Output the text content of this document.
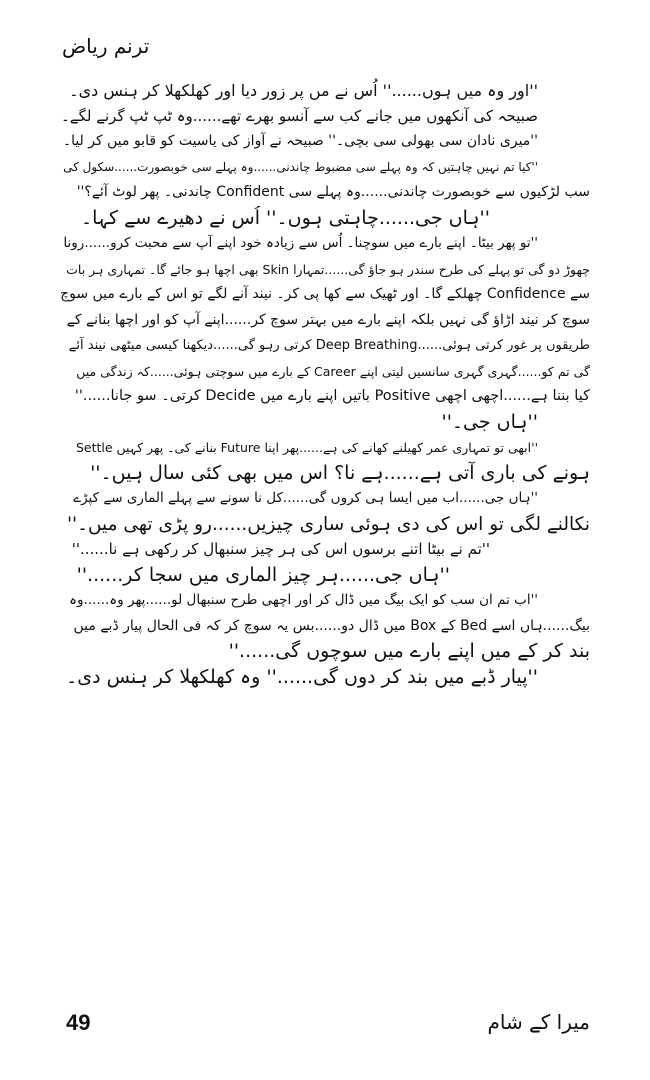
ترنم ریاض
''اور وہ میں ہوں......'' اُس نے مں پر زور دیا اور کھلکھلا کر ہنس دی۔
صبیحہ کی آنکھوں میں جانے کب سے آنسو بھرے تھے......وہ ٹپ ٹپ گرنے لگے۔
''میری نادان سی بھولی سی بچی۔'' صبیحہ نے آواز کی یاسیت کو قابو میں کر لیا۔
''کیا تم نہیں چاہتیں کہ وہ پہلے سی مضبوط چاندنی......وہ پہلے سی خوبصورت......سکول کی
سب لڑکیوں سے خوبصورت چاندنی......وہ پہلے سی Confident چاندنی۔ پھر لوٹ آئے؟''
''ہاں جی......چاہتی ہوں۔'' اُس نے دھیرے سے کہا۔
''تو پھر بیٹا۔ اپنے بارے میں سوچنا۔ اُس سے زیادہ خود اپنے آپ سے محبت کرو......رونا
چھوڑ دو گی تو پہلے کی طرح سندر ہو جاؤ گی......تمہارا Skin بھی اچھا ہو جائے گا۔ تمہاری ہر بات
سے Confidence چھلکے گا۔ اور ٹھیک سے کھا پی کر۔ نیند آنے لگے تو اس کے بارے میں سوچ
سوچ کر نیند اڑاؤ گی نہیں بلکہ اپنے بارے میں بہتر سوچ کر......اپنے آپ کو اور اچھا بنانے کے
طریقوں پر غور کرتی ہوئی......Deep Breathing کرتی رہو گی......دیکھنا کیسی میٹھی نیند آئے
گی تم کو......گہری گہری سانسیں لیتی اپنے Career کے بارے میں سوچتی ہوئی......کہ زندگی میں
کیا بننا ہے......اچھی اچھی Positive باتیں اپنے بارے میں Decide کرتی۔ سو جانا......''
''ہاں جی۔''
''ابھی تو تمہاری عمر کھیلنے کھانے کی ہے......پھر اپنا Future بنانے کی۔ پھر کہیں Settle
ہونے کی باری آتی ہے......ہے نا؟ اس میں بھی کئی سال ہیں۔''
''ہاں جی......اب میں ایسا ہی کروں گی......کل نا سونے سے پہلے الماری سے کپڑے
نکالنے لگی تو اس کی دی ہوئی ساری چیزیں......رو پڑی تھی میں۔''
''تم نے بیٹا اتنے برسوں اس کی ہر چیز سنبھال کر رکھی ہے نا......''
''ہاں جی......ہر چیز الماری میں سجا کر......''
''اب تم ان سب کو ایک بیگ میں ڈال کر اور اچھی طرح سنبھال لو......پھر وہ......وہ
بیگ......ہاں اسے Bed کے Box میں ڈال دو......بس یہ سوچ کر کہ فی الحال پیار ڈبے میں
بند کر کے میں اپنے بارے میں سوچوں گی......''
''پیار ڈبے میں بند کر دوں گی......'' وہ کھلکھلا کر ہنس دی۔
49	میرا کے شام
